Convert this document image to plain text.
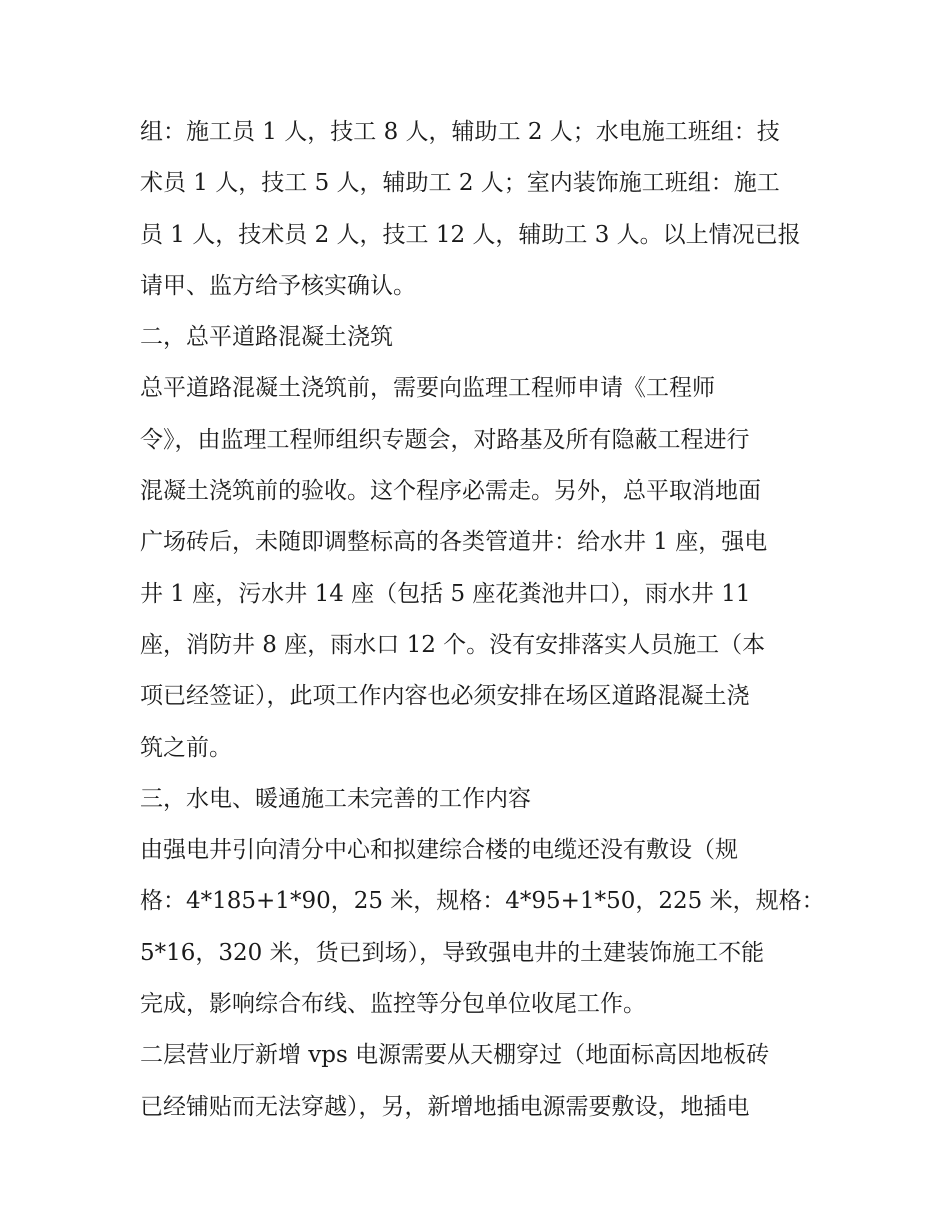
组：施工员 1 人，技工 8 人，辅助工 2 人；水电施工班组：技
术员 1 人，技工 5 人，辅助工 2 人；室内装饰施工班组：施工
员 1 人，技术员 2 人，技工 12 人，辅助工 3 人。以上情况已报
请甲、监方给予核实确认。
二，总平道路混凝土浇筑
总平道路混凝土浇筑前，需要向监理工程师申请《工程师
令》，由监理工程师组织专题会，对路基及所有隐蔽工程进行
混凝土浇筑前的验收。这个程序必需走。另外，总平取消地面
广场砖后，未随即调整标高的各类管道井：给水井 1 座，强电
井 1 座，污水井 14 座（包括 5 座花粪池井口），雨水井 11
座，消防井 8 座，雨水口 12 个。没有安排落实人员施工（本
项已经签证），此项工作内容也必须安排在场区道路混凝土浇
筑之前。
三，水电、暖通施工未完善的工作内容
由强电井引向清分中心和拟建综合楼的电缆还没有敷设（规
格：4*185+1*90，25 米，规格：4*95+1*50，225 米，规格：
5*16，320 米，货已到场），导致强电井的土建装饰施工不能
完成，影响综合布线、监控等分包单位收尾工作。
二层营业厅新增 vps 电源需要从天棚穿过（地面标高因地板砖
已经铺贴而无法穿越），另，新增地插电源需要敷设，地插电
